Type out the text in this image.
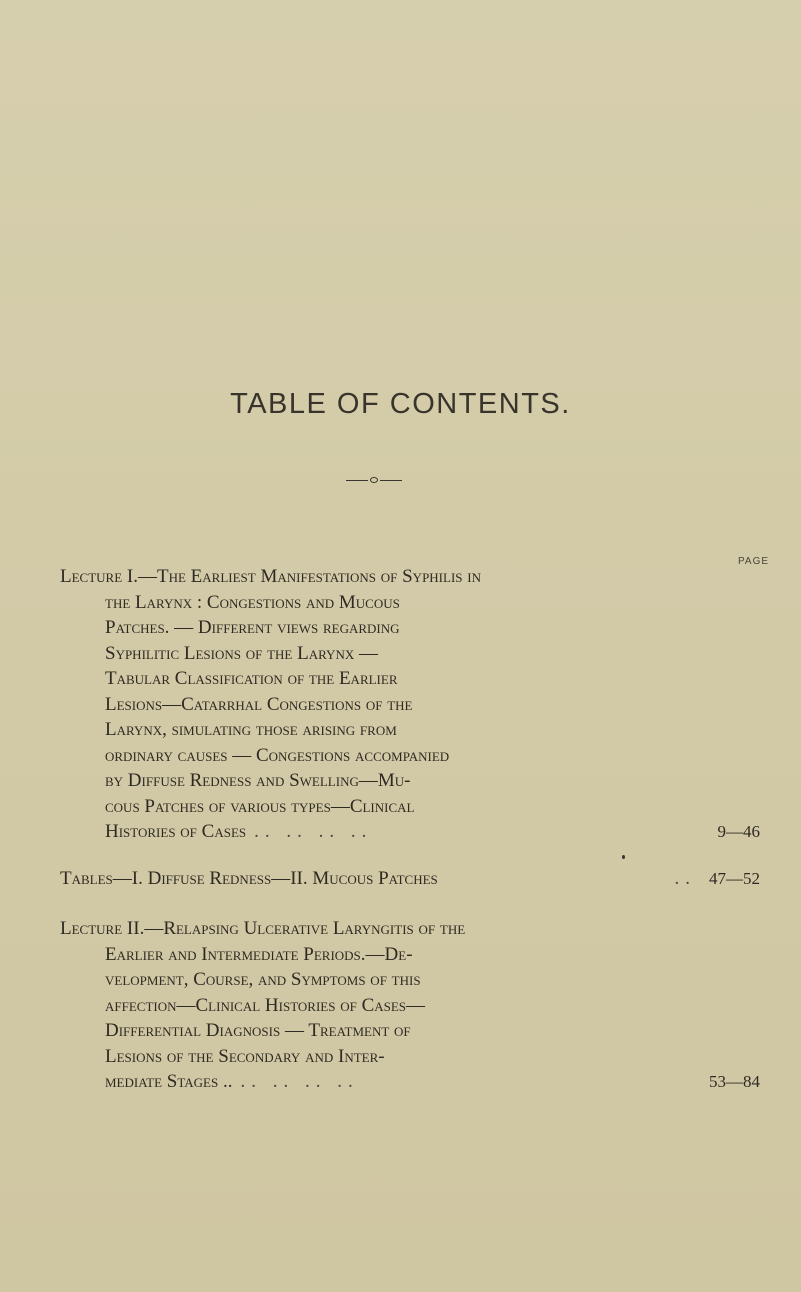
TABLE OF CONTENTS.
PAGE
Lecture I.—The Earliest Manifestations of Syphilis in
the Larynx : Congestions and Mucous
Patches. — Different views regarding
Syphilitic Lesions of the Larynx —
Tabular Classification of the Earlier
Lesions—Catarrhal Congestions of the
Larynx, simulating those arising from
ordinary causes — Congestions accompanied
by Diffuse Redness and Swelling—Mu-
cous Patches of various types—Clinical
Histories of Cases .. .. .. ..	9—46
Tables—I. Diffuse Redness—II. Mucous Patches	.. 47—52
Lecture II.—Relapsing Ulcerative Laryngitis of the
Earlier and Intermediate Periods.—De-
velopment, Course, and Symptoms of this
affection—Clinical Histories of Cases—
Differential Diagnosis — Treatment of
Lesions of the Secondary and Inter-
mediate Stages .. .. .. .. ..	53—84
